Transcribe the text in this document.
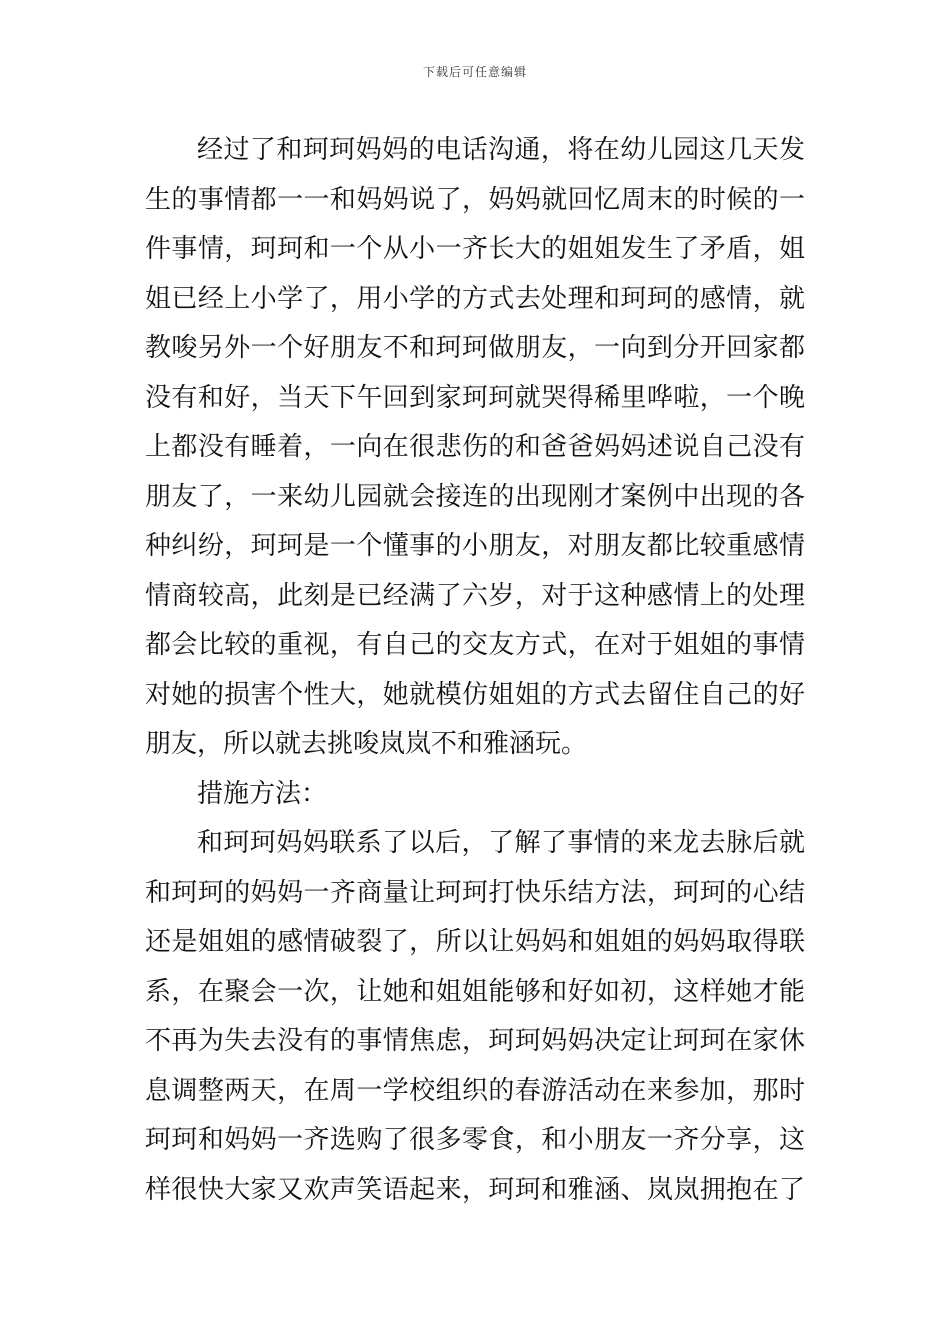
下载后可任意编辑
经过了和珂珂妈妈的电话沟通，将在幼儿园这几天发
生的事情都一一和妈妈说了，妈妈就回忆周末的时候的一
件事情，珂珂和一个从小一齐长大的姐姐发生了矛盾，姐
姐已经上小学了，用小学的方式去处理和珂珂的感情，就
教唆另外一个好朋友不和珂珂做朋友，一向到分开回家都
没有和好，当天下午回到家珂珂就哭得稀里哗啦，一个晚
上都没有睡着，一向在很悲伤的和爸爸妈妈述说自己没有
朋友了，一来幼儿园就会接连的出现刚才案例中出现的各
种纠纷，珂珂是一个懂事的小朋友，对朋友都比较重感情
情商较高，此刻是已经满了六岁，对于这种感情上的处理
都会比较的重视，有自己的交友方式，在对于姐姐的事情
对她的损害个性大，她就模仿姐姐的方式去留住自己的好
朋友，所以就去挑唆岚岚不和雅涵玩。
措施方法：
和珂珂妈妈联系了以后，了解了事情的来龙去脉后就
和珂珂的妈妈一齐商量让珂珂打快乐结方法，珂珂的心结
还是姐姐的感情破裂了，所以让妈妈和姐姐的妈妈取得联
系，在聚会一次，让她和姐姐能够和好如初，这样她才能
不再为失去没有的事情焦虑，珂珂妈妈决定让珂珂在家休
息调整两天，在周一学校组织的春游活动在来参加，那时
珂珂和妈妈一齐选购了很多零食，和小朋友一齐分享，这
样很快大家又欢声笑语起来，珂珂和雅涵、岚岚拥抱在了
